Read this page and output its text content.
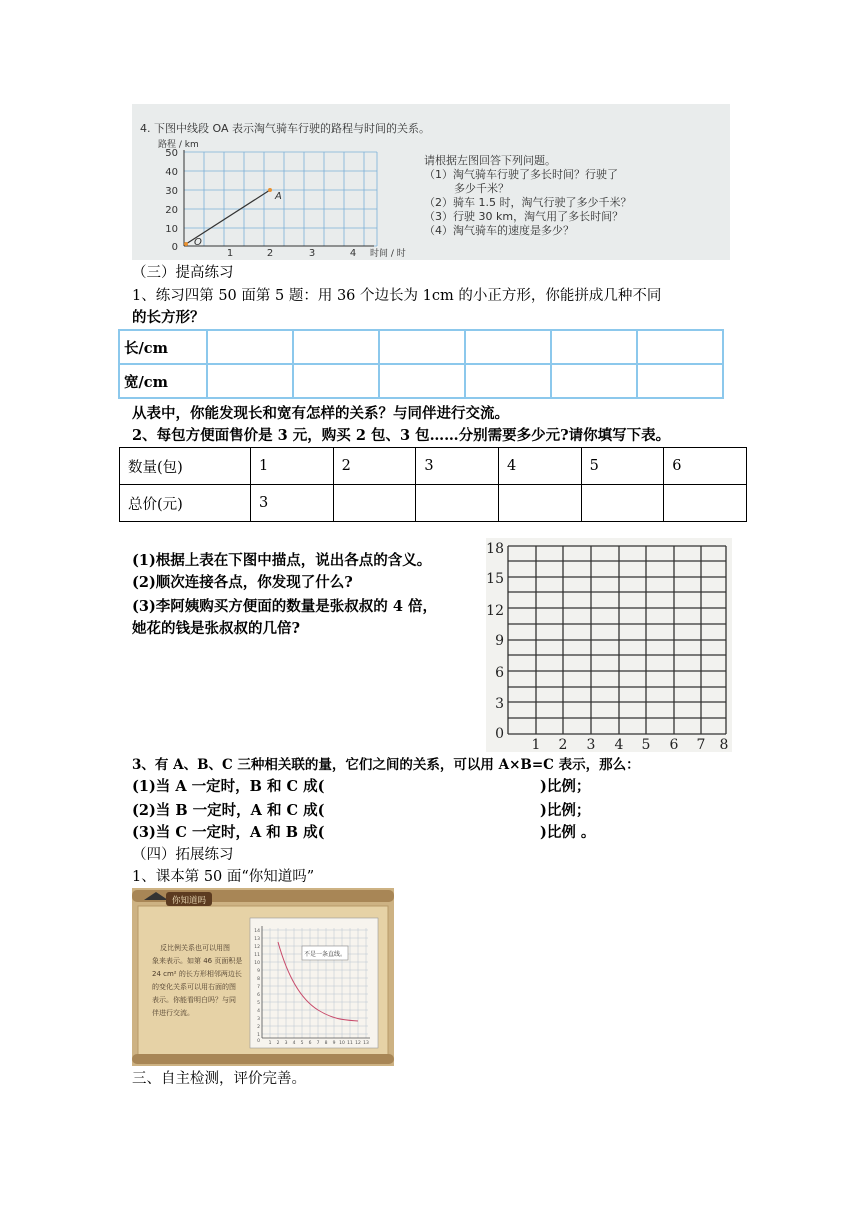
4. 下图中线段 OA 表示淘气骑车行驶的路程与时间的关系。
路程 / km
50
40
30
20
10
0
1	2	3	4
O
A
时间 / 时
请根据左图回答下列问题。
（1）淘气骑车行驶了多长时间？行驶了
多少千米？
（2）骑车 1.5 时，淘气行驶了多少千米？
（3）行驶 30 km，淘气用了多长时间？
（4）淘气骑车的速度是多少？
（三）提高练习
1、练习四第 50 面第 5 题：用 36 个边长为 1cm 的小正方形，你能拼成几种不同
的长方形？
长/cm						
宽/cm						
从表中，你能发现长和宽有怎样的关系？与同伴进行交流。
2、每包方便面售价是 3 元，购买 2 包、3 包……分别需要多少元?请你填写下表。
数量(包)	1	2	3	4	5	6
总价(元)	3					
(1)根据上表在下图中描点，说出各点的含义。
(2)顺次连接各点，你发现了什么?
(3)李阿姨购买方便面的数量是张叔叔的 4 倍，
她花的钱是张叔叔的几倍?
18
15
12
9
6
3
0
1 2 3 4 5 6 7 8
3、有 A、B、C 三种相关联的量，它们之间的关系，可以用 A×B=C 表示，那么：
(1)当 A 一定时，B 和 C 成(	)比例；
(2)当 B 一定时，A 和 C 成(	)比例；
(3)当 C 一定时，A 和 B 成(	)比例 。
（四）拓展练习
1、课本第 50 面“你知道吗”
你知道吗
反比例关系也可以用图
象来表示。如第 46 页面积是
24 cm² 的长方形相邻两边长
的变化关系可以用右面的图
表示。你能看明白吗？与同
伴进行交流。
14
13
12
11
10
9
8
7
6
5
4
3
2
1
0 1 2 3 4 5 6 7 8 9 10 11 12 13
不是一条直线。
三、自主检测，评价完善。
